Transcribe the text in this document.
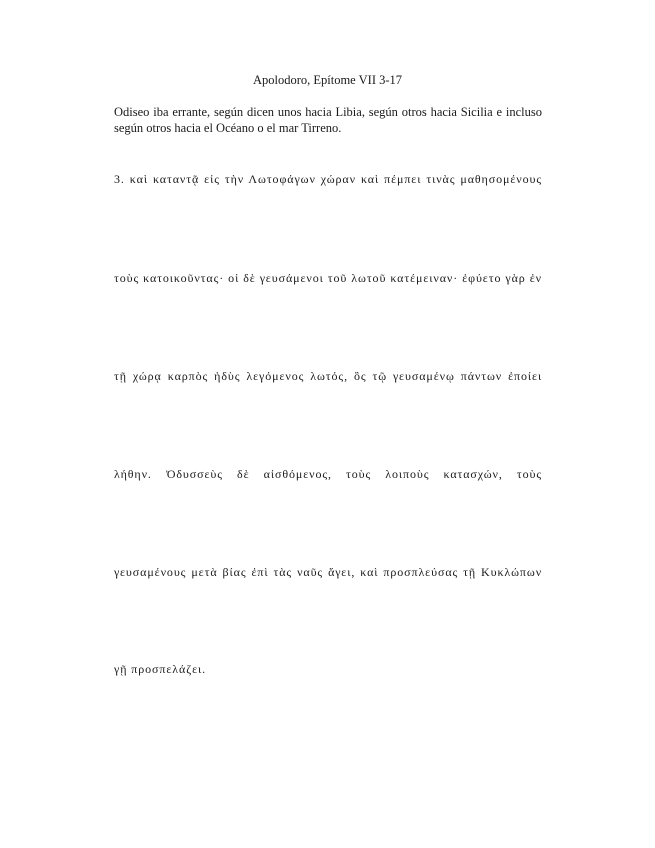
Apolodoro, Epítome VII 3-17
Odiseo iba errante, según dicen unos hacia Libia, según otros hacia Sicilia e incluso según otros hacia el Océano o el mar Tirreno.
3. καὶ καταντᾷ εἰς τὴν Λωτοφάγων χώραν καὶ πέμπει τινὰς μαθησομένους
τοὺς κατοικοῦντας· οἱ δὲ γευσάμενοι τοῦ λωτοῦ κατέμειναν· ἐφύετο γὰρ ἐν
τῇ χώρᾳ καρπὸς ἡδὺς λεγόμενος λωτός, ὃς τῷ γευσαμένῳ πάντων ἐποίει
λήθην. Ὀδυσσεὺς δὲ αἰσθόμενος, τοὺς λοιποὺς κατασχών, τοὺς
γευσαμένους μετὰ βίας ἐπὶ τὰς ναῦς ἄγει, καὶ προσπλεύσας τῇ Κυκλώπων
γῇ προσπελάζει.
